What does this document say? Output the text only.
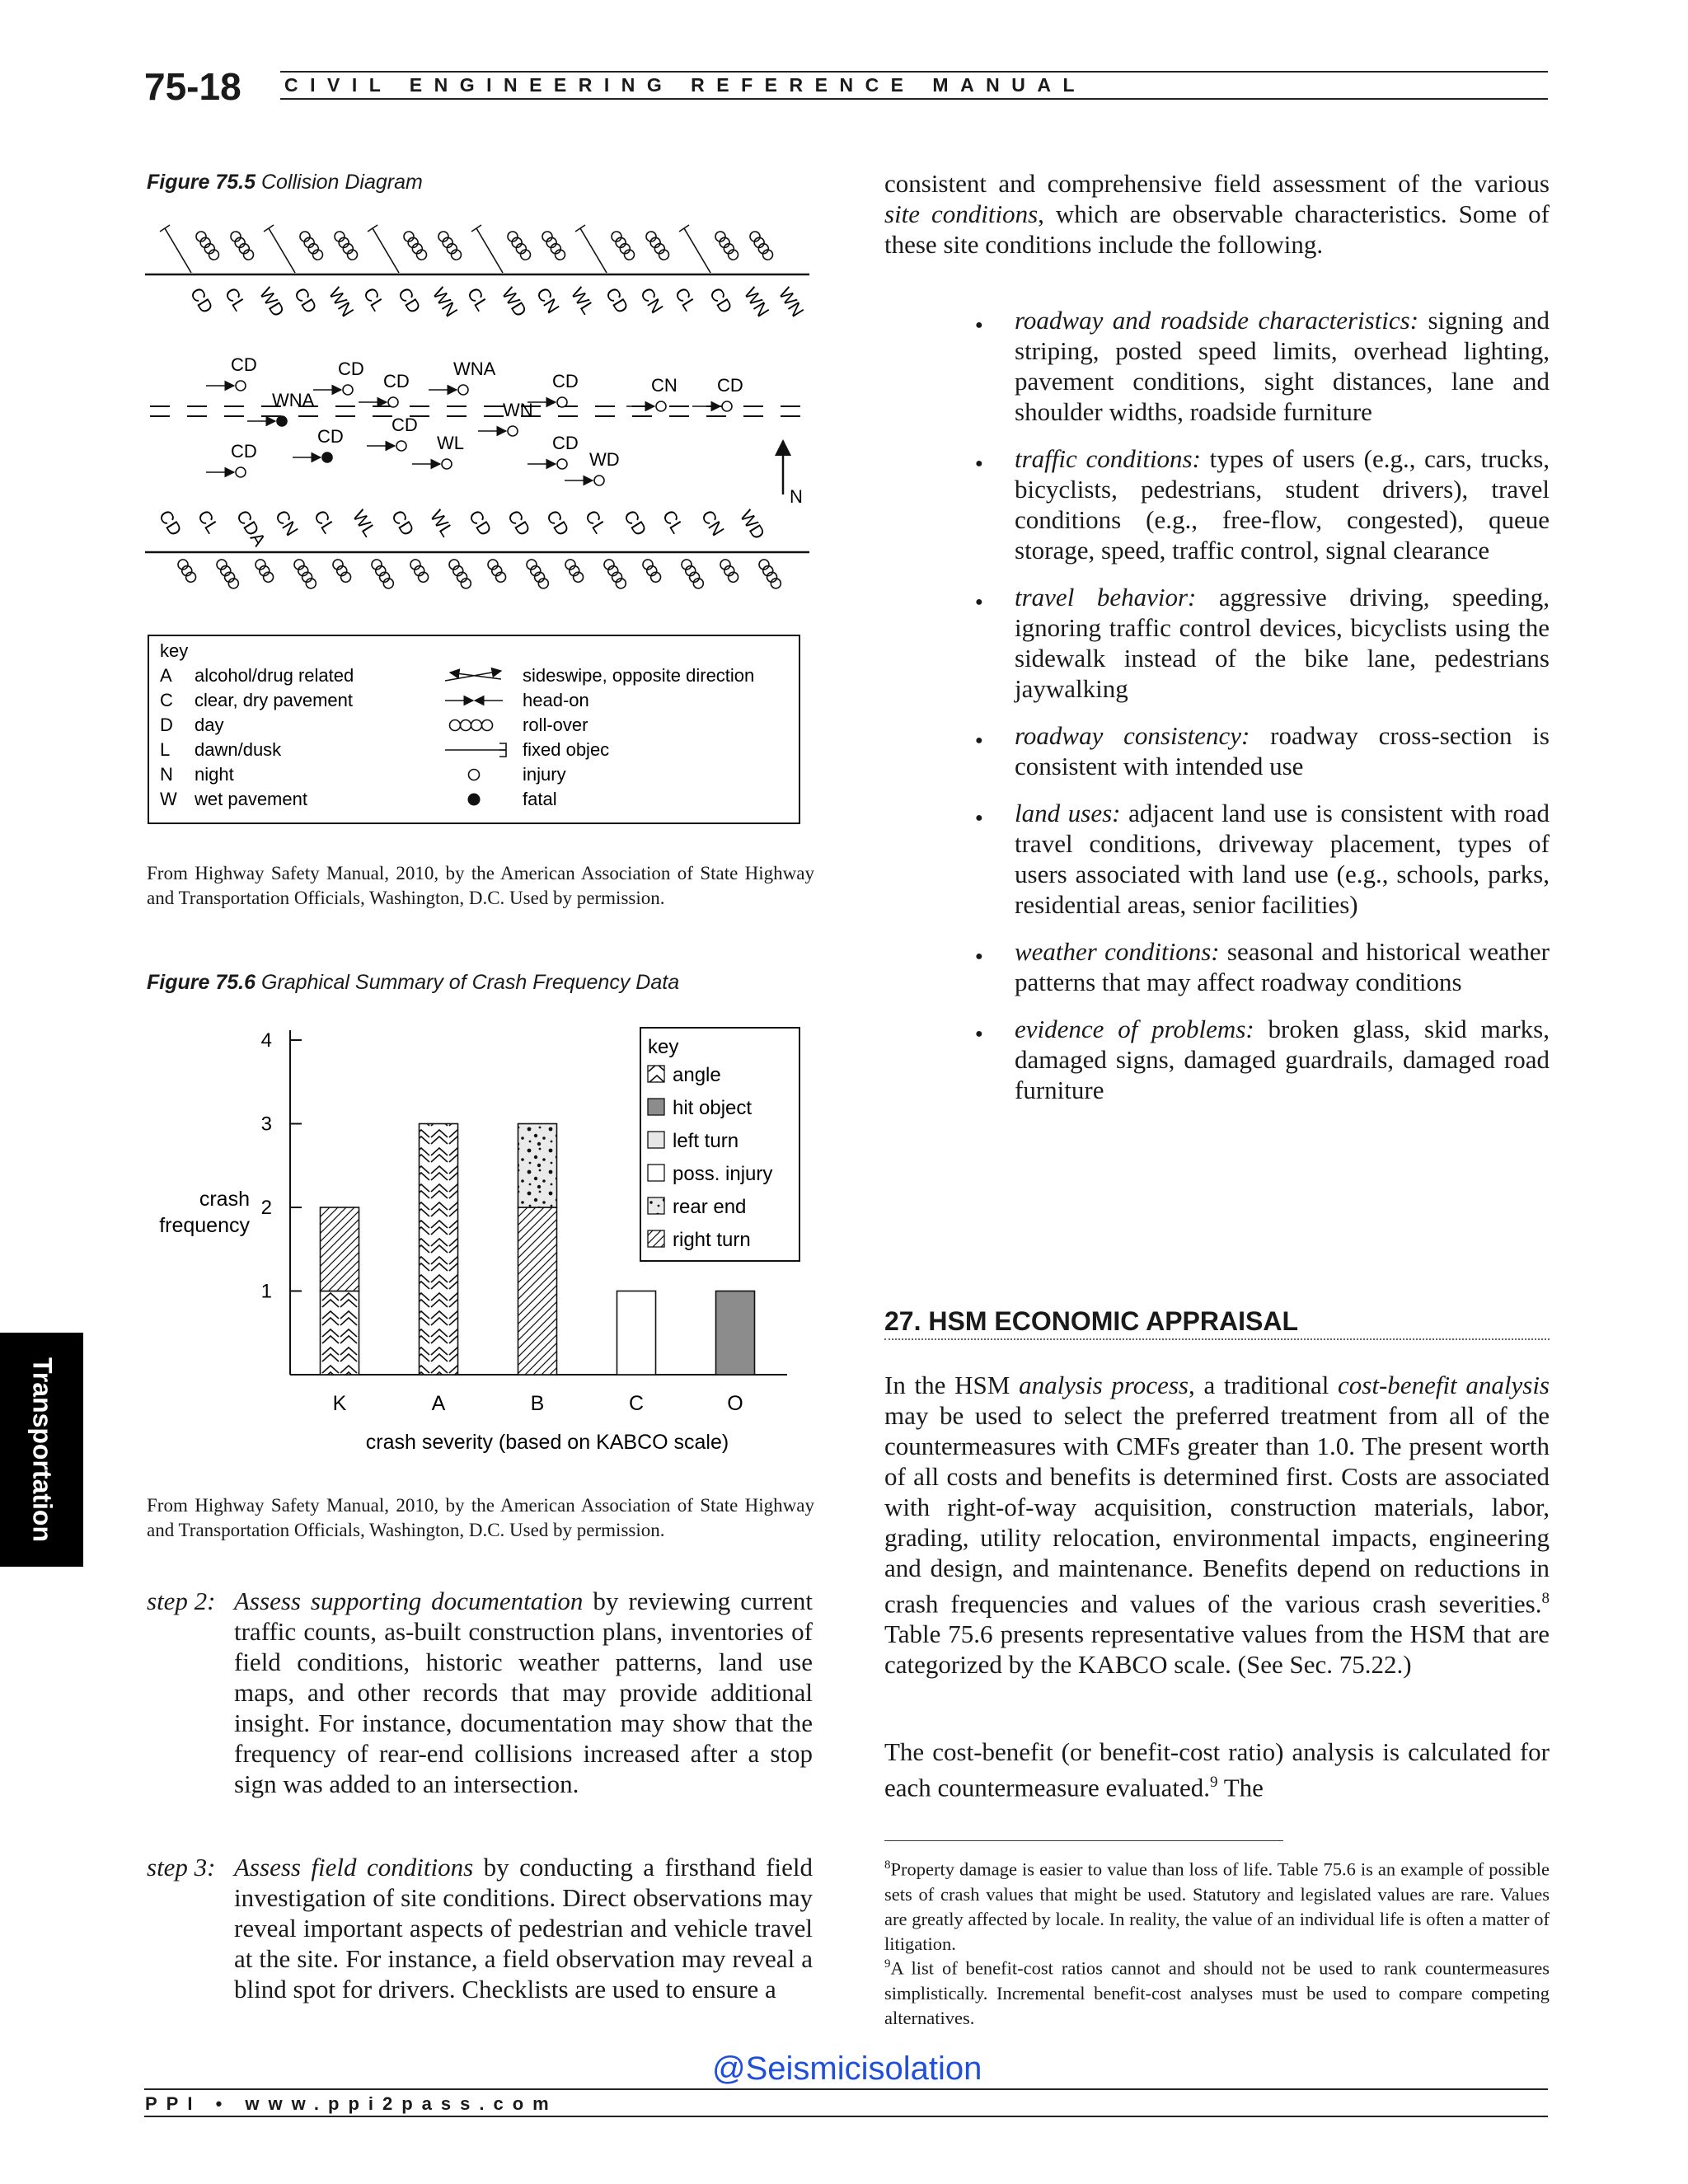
75-18 CIVIL ENGINEERING REFERENCE MANUAL
Figure 75.5 Collision Diagram
CD CL WD CD WN CL CD WN CL WD CN WL CD CN CL CD WN WN
CD
CD
WNA
CD
CD
CD
CD
WNA
WL
WN
CD
CD
WD
CN CD
N
CD CL CDA CN CL WL CD WL CD CD CD CL CD CL CN WD
key
A alcohol/drug related
C clear, dry pavement
D day
L dawn/dusk
N night
W wet pavement
sideswipe, opposite direction
head-on
roll-over
fixed objec
injury
fatal
From Highway Safety Manual, 2010, by the American Association of State Highway and Transportation Officials, Washington, D.C. Used by permission.
Figure 75.6 Graphical Summary of Crash Frequency Data
1
2
3
4
crash
frequency
crash severity (based on KABCO scale)
K	A	B	C	O
key
angle
hit object
left turn
poss. injury
rear end
right turn
From Highway Safety Manual, 2010, by the American Association of State Highway and Transportation Officials, Washington, D.C. Used by permission.
step 2: Assess supporting documentation by reviewing current traffic counts, as-built construction plans, inventories of field conditions, historic weather patterns, land use maps, and other records that may provide additional insight. For instance, documentation may show that the frequency of rear-end collisions increased after a stop sign was added to an intersection.
step 3: Assess field conditions by conducting a firsthand field investigation of site conditions. Direct observations may reveal important aspects of pedestrian and vehicle travel at the site. For instance, a field observation may reveal a blind spot for drivers. Checklists are used to ensure a
consistent and comprehensive field assessment of the various site conditions, which are observable characteristics. Some of these site conditions include the following.
● roadway and roadside characteristics: signing and striping, posted speed limits, overhead lighting, pavement conditions, sight distances, lane and shoulder widths, roadside furniture
● traffic conditions: types of users (e.g., cars, trucks, bicyclists, pedestrians, student drivers), travel conditions (e.g., free-flow, congested), queue storage, speed, traffic control, signal clearance
● travel behavior: aggressive driving, speeding, ignoring traffic control devices, bicyclists using the sidewalk instead of the bike lane, pedestrians jaywalking
● roadway consistency: roadway cross-section is consistent with intended use
● land uses: adjacent land use is consistent with road travel conditions, driveway placement, types of users associated with land use (e.g., schools, parks, residential areas, senior facilities)
● weather conditions: seasonal and historical weather patterns that may affect roadway conditions
● evidence of problems: broken glass, skid marks, damaged signs, damaged guardrails, damaged road furniture
27. HSM ECONOMIC APPRAISAL
In the HSM analysis process, a traditional cost-benefit analysis may be used to select the preferred treatment from all of the countermeasures with CMFs greater than 1.0. The present worth of all costs and benefits is determined first. Costs are associated with right-of-way acquisition, construction materials, labor, grading, utility relocation, environmental impacts, engineering and design, and maintenance. Benefits depend on reductions in crash frequencies and values of the various crash severities.$^8$ Table 75.6 presents representative values from the HSM that are categorized by the KABCO scale. (See Sec. 75.22.)
The cost-benefit (or benefit-cost ratio) analysis is calculated for each countermeasure evaluated.$^9$ The
$^8$Property damage is easier to value than loss of life. Table 75.6 is an example of possible sets of crash values that might be used. Statutory and legislated values are rare. Values are greatly affected by locale. In reality, the value of an individual life is often a matter of litigation.
$^9$A list of benefit-cost ratios cannot and should not be used to rank countermeasures simplistically. Incremental benefit-cost analyses must be used to compare competing alternatives.
Transportation
@Seismicisolation
PPI • www.ppi2pass.com
